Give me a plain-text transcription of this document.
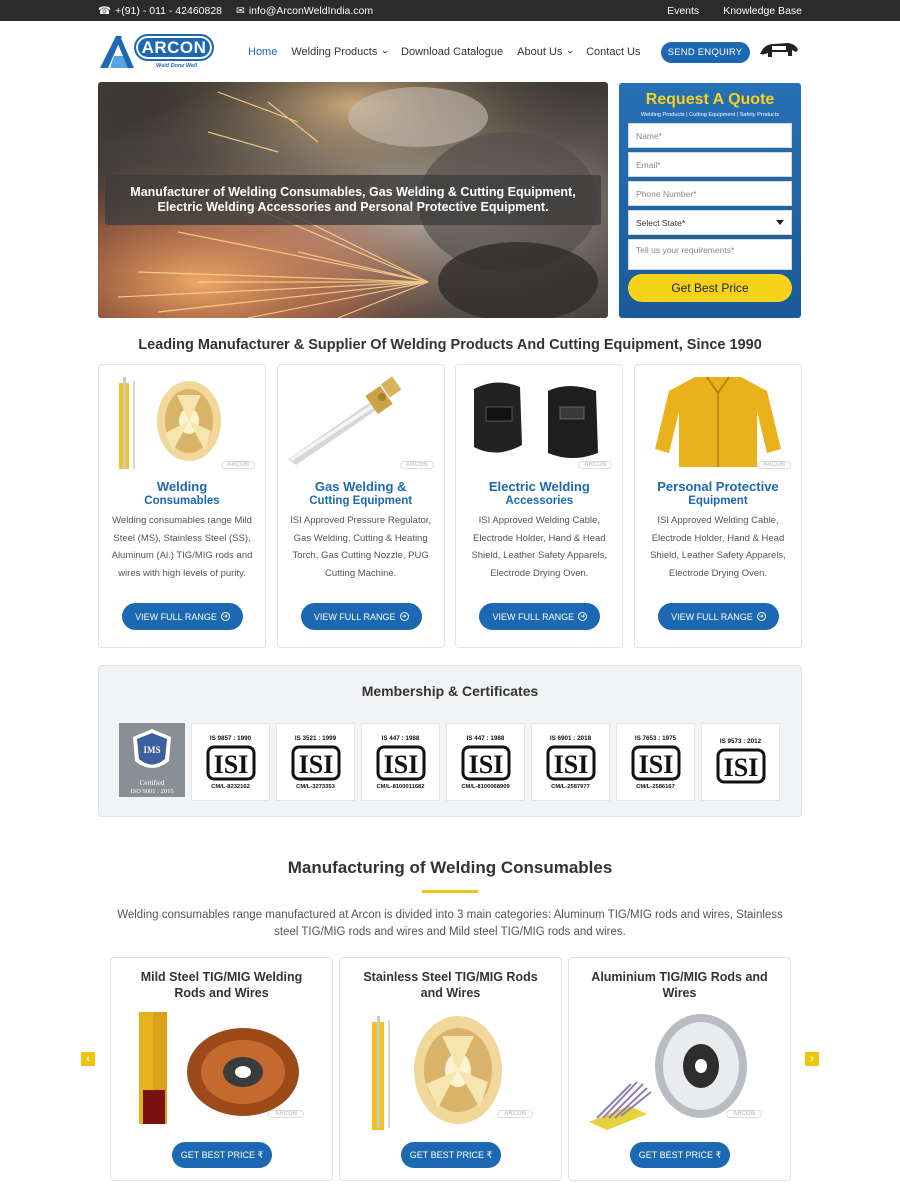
☎ +(91) - 011 - 42460828 ✉ info@ArconWeldIndia.com	Events Knowledge Base
ARCON
Weld Done Well
Home Welding Products ›	Download Catalogue About Us ›	Contact Us	SEND ENQUIRY
Manufacturer of Welding Consumables, Gas Welding & Cutting Equipment,
Electric Welding Accessories and Personal Protective Equipment.
Request A Quote
Welding Products | Cutting Equipment | Safety Products
Name*
Email*
Phone Number*
Select State*
Tell us your requirements*
Get Best Price
Leading Manufacturer & Supplier Of Welding Products And Cutting Equipment, Since 1990
ARCON
Welding
Consumables
Welding consumables range Mild Steel (MS), Stainless Steel (SS), Aluminum (Al.) TIG/MIG rods and wires with high levels of purity.
VIEW FULL RANGE ➜
ARCON
Gas Welding &
Cutting Equipment
ISI Approved Pressure Regulator, Gas Welding, Cutting & Heating Torch, Gas Cutting Nozzle, PUG Cutting Machine.
VIEW FULL RANGE ➜
ARCON
Electric Welding
Accessories
ISI Approved Welding Cable, Electrode Holder, Hand & Head Shield, Leather Safety Apparels, Electrode Drying Oven.
VIEW FULL RANGE ➜
ARCON
Personal Protective
Equipment
ISI Approved Welding Cable, Electrode Holder, Hand & Head Shield, Leather Safety Apparels, Electrode Drying Oven.
VIEW FULL RANGE ➜
Membership & Certificates
IMS
Certified
ISO 9001 : 2015
IS 9857 : 1990
ISI
CM/L-8232162
IS 3521 : 1999
ISI
CM/L-3273353
IS 447 : 1988
ISI
CM/L-8100011682
IS 447 : 1988
ISI
CM/L-8100068909
IS 6901 : 2018
ISI
CM/L-2587977
IS 7653 : 1975
ISI
CM/L-2586167
IS 9573 : 2012
ISI
Manufacturing of Welding Consumables
Welding consumables range manufactured at Arcon is divided into 3 main categories: Aluminum TIG/MIG rods and wires, Stainless steel TIG/MIG rods and wires and Mild steel TIG/MIG rods and wires.
‹	›
Mild Steel TIG/MIG Welding Rods and Wires
ARCON
GET BEST PRICE
₹
Stainless Steel TIG/MIG Rods and Wires
ARCON
GET BEST PRICE
₹
Aluminium TIG/MIG Rods and Wires
ARCON
GET BEST PRICE
₹
